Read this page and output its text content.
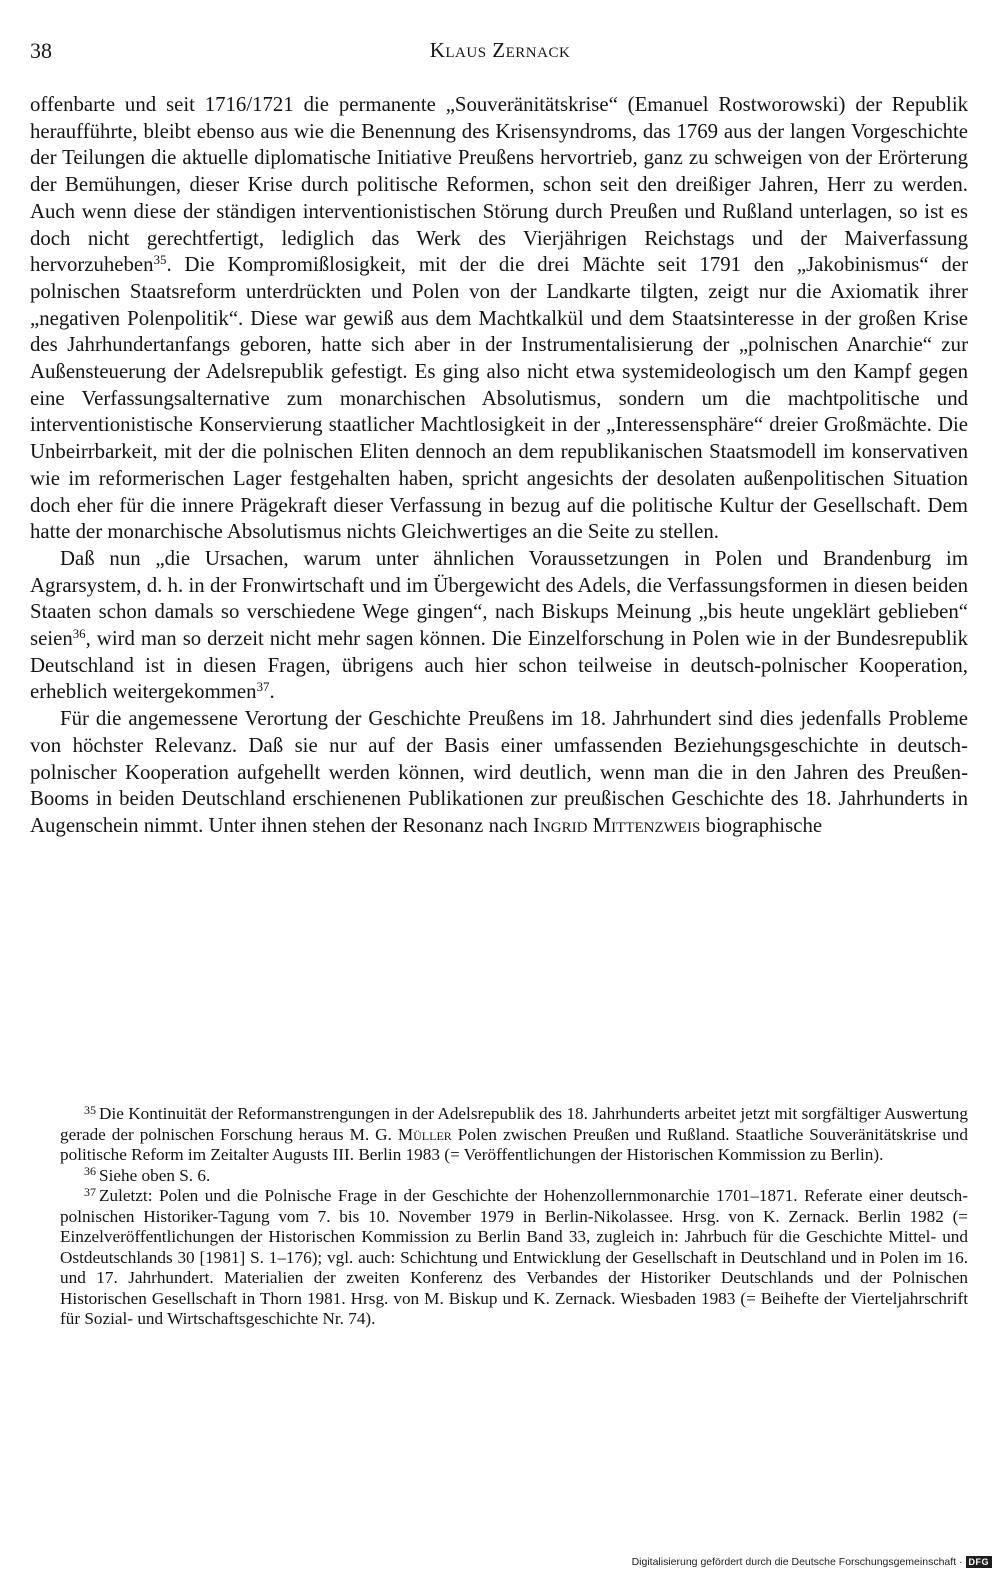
38	Klaus Zernack

offenbarte und seit 1716/1721 die permanente „Souveränitätskrise“ (Emanuel Rostworowski) der Republik heraufführte, bleibt ebenso aus wie die Benennung des Krisensyndroms, das 1769 aus der langen Vorgeschichte der Teilungen die aktuelle diplomatische Initiative Preußens hervortrieb, ganz zu schweigen von der Erörterung der Bemühungen, dieser Krise durch politische Reformen, schon seit den dreißiger Jahren, Herr zu werden. Auch wenn diese der ständigen interventionistischen Störung durch Preußen und Rußland unterlagen, so ist es doch nicht gerechtfertigt, lediglich das Werk des Vierjährigen Reichstags und der Maiverfassung hervorzuheben$^{35}$. Die Kompromißlosigkeit, mit der die drei Mächte seit 1791 den „Jakobinismus“ der polnischen Staatsreform unterdrückten und Polen von der Landkarte tilgten, zeigt nur die Axiomatik ihrer „negativen Polenpolitik“. Diese war gewiß aus dem Machtkalkül und dem Staatsinteresse in der großen Krise des Jahrhundertanfangs geboren, hatte sich aber in der Instrumentalisierung der „polnischen Anarchie“ zur Außensteuerung der Adelsrepublik gefestigt. Es ging also nicht etwa systemideologisch um den Kampf gegen eine Verfassungsalternative zum monarchischen Absolutismus, sondern um die machtpolitische und interventionistische Konservierung staatlicher Machtlosigkeit in der „Interessensphäre“ dreier Großmächte. Die Unbeirrbarkeit, mit der die polnischen Eliten dennoch an dem republikanischen Staatsmodell im konservativen wie im reformerischen Lager festgehalten haben, spricht angesichts der desolaten außenpolitischen Situation doch eher für die innere Prägekraft dieser Verfassung in bezug auf die politische Kultur der Gesellschaft. Dem hatte der monarchische Absolutismus nichts Gleichwertiges an die Seite zu stellen.

Daß nun „die Ursachen, warum unter ähnlichen Voraussetzungen in Polen und Brandenburg im Agrarsystem, d. h. in der Fronwirtschaft und im Übergewicht des Adels, die Verfassungsformen in diesen beiden Staaten schon damals so verschiedene Wege gingen“, nach Biskups Meinung „bis heute ungeklärt geblieben“ seien$^{36}$, wird man so derzeit nicht mehr sagen können. Die Einzelforschung in Polen wie in der Bundesrepublik Deutschland ist in diesen Fragen, übrigens auch hier schon teilweise in deutsch-polnischer Kooperation, erheblich weitergekommen$^{37}$.

Für die angemessene Verortung der Geschichte Preußens im 18. Jahrhundert sind dies jedenfalls Probleme von höchster Relevanz. Daß sie nur auf der Basis einer umfassenden Beziehungsgeschichte in deutsch-polnischer Kooperation aufgehellt werden können, wird deutlich, wenn man die in den Jahren des Preußen-Booms in beiden Deutschland erschienenen Publikationen zur preußischen Geschichte des 18. Jahrhunderts in Augenschein nimmt. Unter ihnen stehen der Resonanz nach Ingrid Mittenzweis biographische

$^{35}$ Die Kontinuität der Reformanstrengungen in der Adelsrepublik des 18. Jahrhunderts arbeitet jetzt mit sorgfältiger Auswertung gerade der polnischen Forschung heraus M. G. Müller Polen zwischen Preußen und Rußland. Staatliche Souveränitätskrise und politische Reform im Zeitalter Augusts III. Berlin 1983 (= Veröffentlichungen der Historischen Kommission zu Berlin).

$^{36}$ Siehe oben S. 6.

$^{37}$ Zuletzt: Polen und die Polnische Frage in der Geschichte der Hohenzollernmonarchie 1701–1871. Referate einer deutsch-polnischen Historiker-Tagung vom 7. bis 10. November 1979 in Berlin-Nikolassee. Hrsg. von K. Zernack. Berlin 1982 (= Einzelveröffentlichungen der Historischen Kommission zu Berlin Band 33, zugleich in: Jahrbuch für die Geschichte Mittel- und Ostdeutschlands 30 [1981] S. 1–176); vgl. auch: Schichtung und Entwicklung der Gesellschaft in Deutschland und in Polen im 16. und 17. Jahrhundert. Materialien der zweiten Konferenz des Verbandes der Historiker Deutschlands und der Polnischen Historischen Gesellschaft in Thorn 1981. Hrsg. von M. Biskup und K. Zernack. Wiesbaden 1983 (= Beihefte der Vierteljahrschrift für Sozial- und Wirtschaftsgeschichte Nr. 74).

Digitalisierung gefördert durch die Deutsche Forschungsgemeinschaft · DFG
